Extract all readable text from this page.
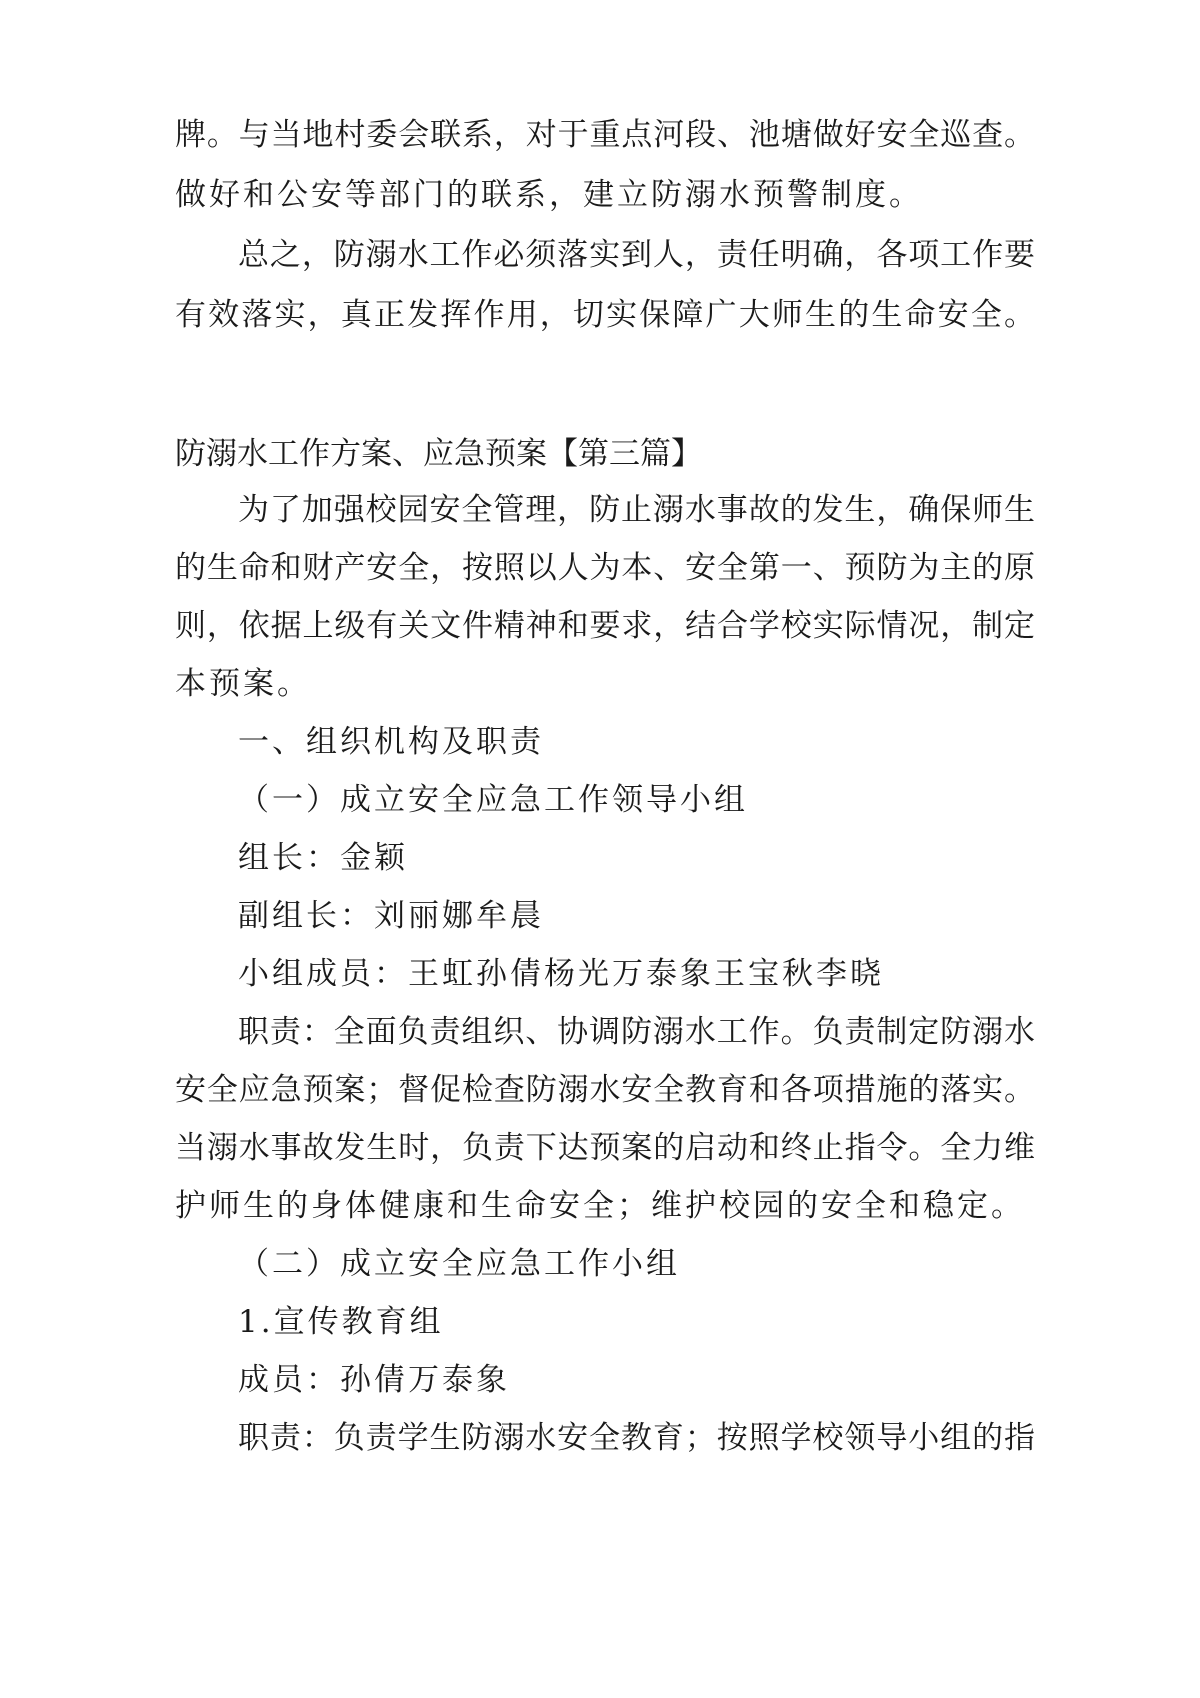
牌。与当地村委会联系，对于重点河段、池塘做好安全巡查。
做好和公安等部门的联系，建立防溺水预警制度。
总之，防溺水工作必须落实到人，责任明确，各项工作要
有效落实，真正发挥作用，切实保障广大师生的生命安全。
防溺水工作方案、应急预案【第三篇】
为了加强校园安全管理，防止溺水事故的发生，确保师生
的生命和财产安全，按照以人为本、安全第一、预防为主的原
则，依据上级有关文件精神和要求，结合学校实际情况，制定
本预案。
一、组织机构及职责
（一）成立安全应急工作领导小组
组长：金颖
副组长：刘丽娜牟晨
小组成员：王虹孙倩杨光万泰象王宝秋李晓
职责：全面负责组织、协调防溺水工作。负责制定防溺水
安全应急预案；督促检查防溺水安全教育和各项措施的落实。
当溺水事故发生时，负责下达预案的启动和终止指令。全力维
护师生的身体健康和生命安全；维护校园的安全和稳定。
（二）成立安全应急工作小组
1.宣传教育组
成员：孙倩万泰象
职责：负责学生防溺水安全教育；按照学校领导小组的指
